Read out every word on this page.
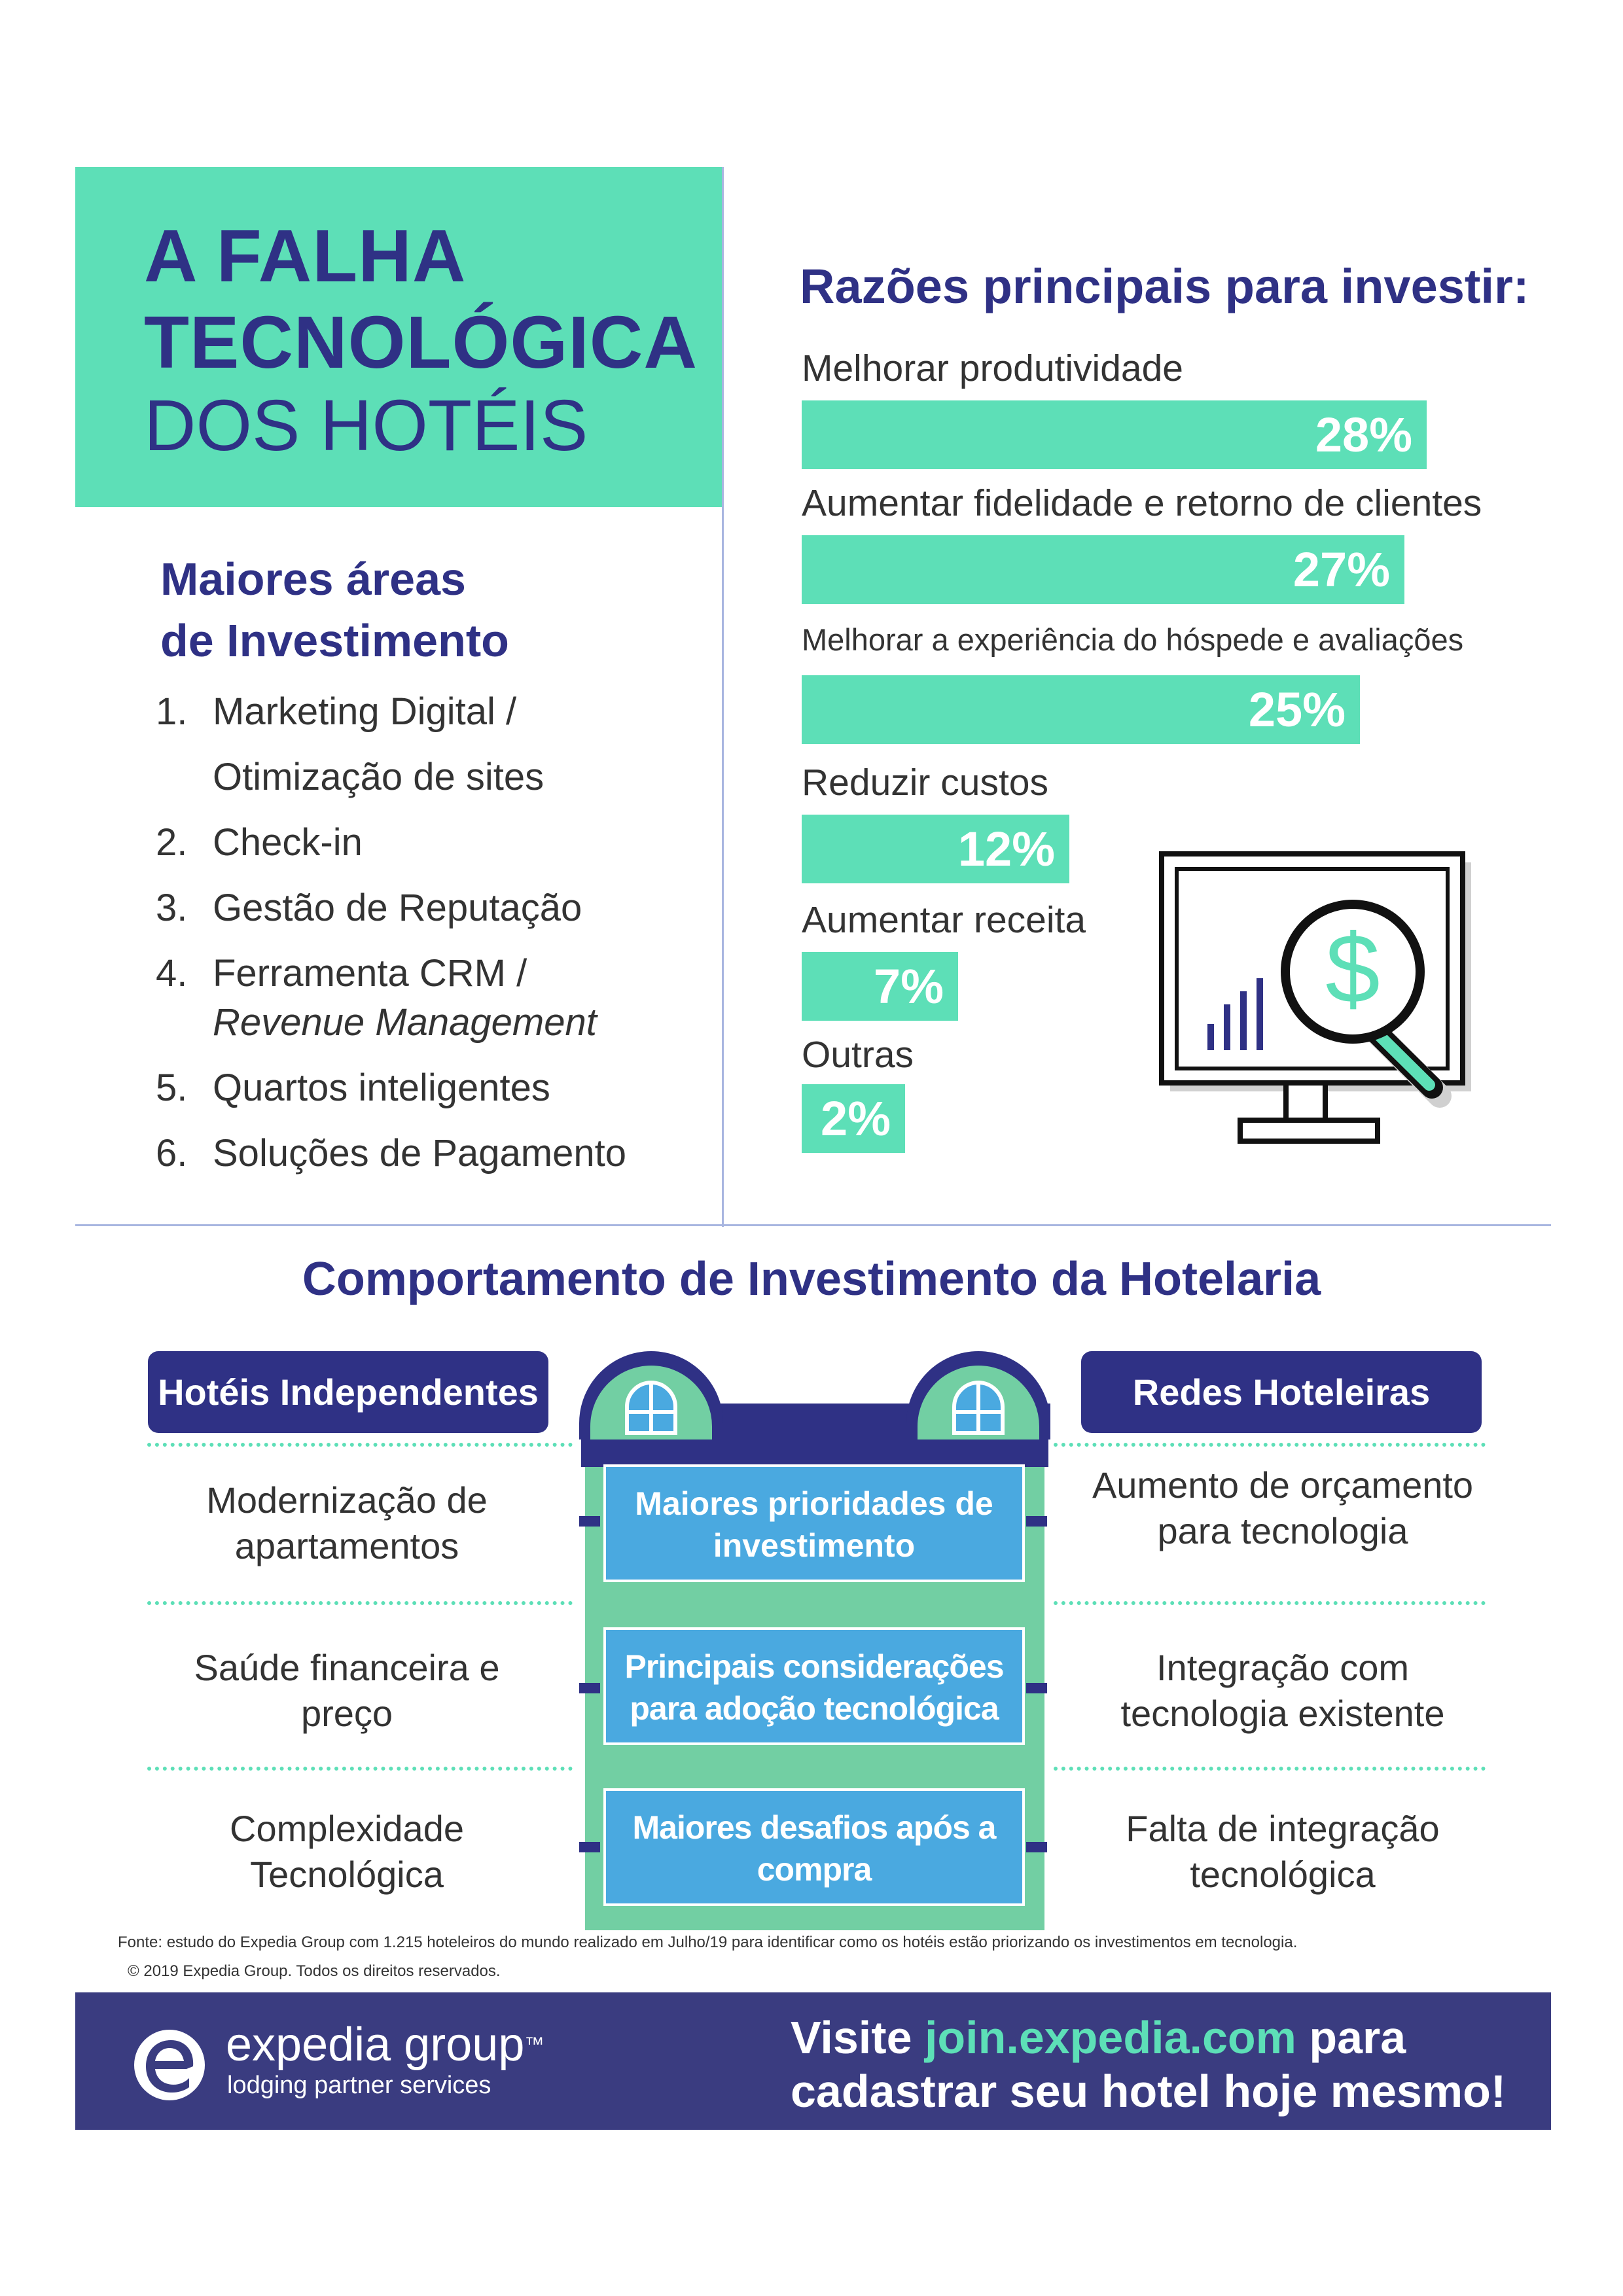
A FALHA
TECNOLÓGICA
DOS HOTÉIS
Maiores áreas
de Investimento
1. Marketing Digital /
Otimização de sites
2. Check-in
3. Gestão de Reputação
4. Ferramenta CRM /
Revenue Management
5. Quartos inteligentes
6. Soluções de Pagamento
Razões principais para investir:
Melhorar produtividade
28%
Aumentar fidelidade e retorno de clientes
27%
Melhorar a experiência do hóspede e avaliações
25%
Reduzir custos
12%
Aumentar receita
7%
Outras
2%
$
Comportamento de Investimento da Hotelaria
Hotéis Independentes	Redes Hoteleiras
Modernização de apartamentos
Maiores prioridades de investimento
Aumento de orçamento para tecnologia
Saúde financeira e preço
Principais considerações para adoção tecnológica
Integração com tecnologia existente
Complexidade Tecnológica
Maiores desafios após a compra
Falta de integração tecnológica
Fonte: estudo do Expedia Group com 1.215 hoteleiros do mundo realizado em Julho/19 para identificar como os hotéis estão priorizando os investimentos em tecnologia.
© 2019 Expedia Group. Todos os direitos reservados.
expedia group™
lodging partner services
Visite join.expedia.com para
cadastrar seu hotel hoje mesmo!
